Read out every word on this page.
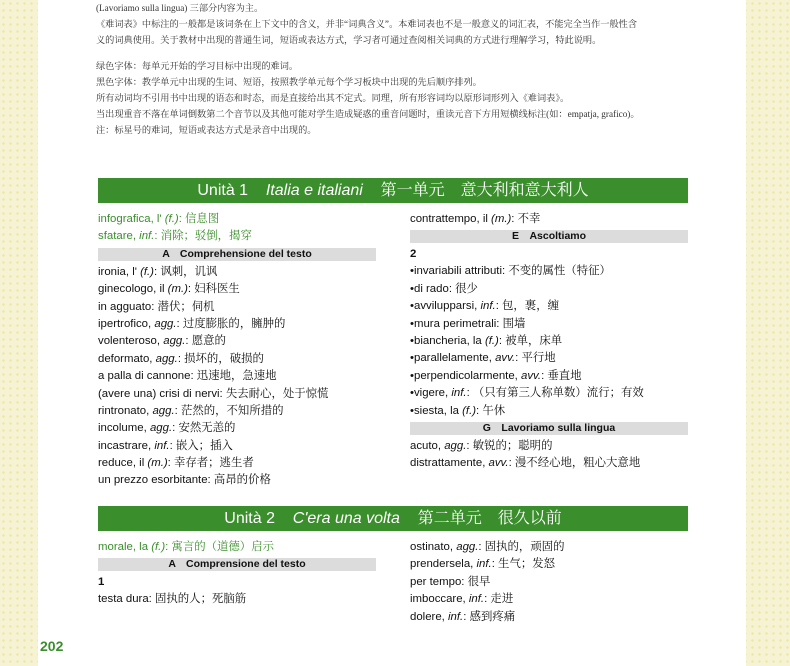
(Lavoriamo sulla lingua) 三部分内容为主。

《难词表》中标注的一般都是该词条在上下文中的含义，并非“词典含义”。本难词表也不是一般意义的词汇表，不能完全当作一般性含

义的词典使用。关于教材中出现的普通生词，短语或表达方式，学习者可通过查阅相关词典的方式进行理解学习，特此说明。

绿色字体：每单元开始的学习目标中出现的难词。

黑色字体：教学单元中出现的生词、短语，按照教学单元每个学习板块中出现的先后顺序排列。

所有动词均不引用书中出现的语态和时态，而是直接给出其不定式。同理，所有形容词均以原形词形列入《难词表》。

当出现重音不落在单词倒数第二个音节以及其他可能对学生造成疑惑的重音问题时，重读元音下方用短横线标注(如：empatja, grafico)。

注：标星号的难词，短语或表达方式是录音中出现的。

Unità 1 Italia e italiani 第一单元　意大利和意大利人
infografica, l' (f.): 信息图
sfatare, inf.: 消除；驳倒，揭穿
A　Comprehensione del testo
ironia, l' (f.): 讽刺，讥讽
ginecologo, il (m.): 妇科医生
in agguato: 潜伏；伺机
ipertrofico, agg.: 过度膨胀的，臃肿的
volenteroso, agg.: 愿意的
deformato, agg.: 损坏的，破损的
a palla di cannone: 迅速地，急速地
(avere una) crisi di nervi: 失去耐心，处于惊慌
rintronato, agg.: 茫然的，不知所措的
incolume, agg.: 安然无恙的
incastrare, inf.: 嵌入；插入
reduce, il (m.): 幸存者；逃生者
un prezzo esorbitante: 高昂的价格
contrattempo, il (m.): 不幸
E　Ascoltiamo
2
•invariabili attributi: 不变的属性（特征）
•di rado: 很少
•avvilupparsi, inf.: 包，裹，缠
•mura perimetrali: 围墙
•biancheria, la (f.): 被单，床单
•parallelamente, avv.: 平行地
•perpendicolarmente, avv.: 垂直地
•vigere, inf.: （只有第三人称单数）流行；有效
•siesta, la (f.): 午休
G　Lavoriamo sulla lingua
acuto, agg.: 敏锐的；聪明的
distrattamente, avv.: 漫不经心地，粗心大意地
Unità 2 C'era una volta 第二单元　很久以前
morale, la (f.): 寓言的（道德）启示
A　Comprensione del testo
1
testa dura: 固执的人；死脑筋
ostinato, agg.: 固执的，顽固的
prendersela, inf.: 生气；发怒
per tempo: 很早
imboccare, inf.: 走进
dolere, inf.: 感到疼痛
202
